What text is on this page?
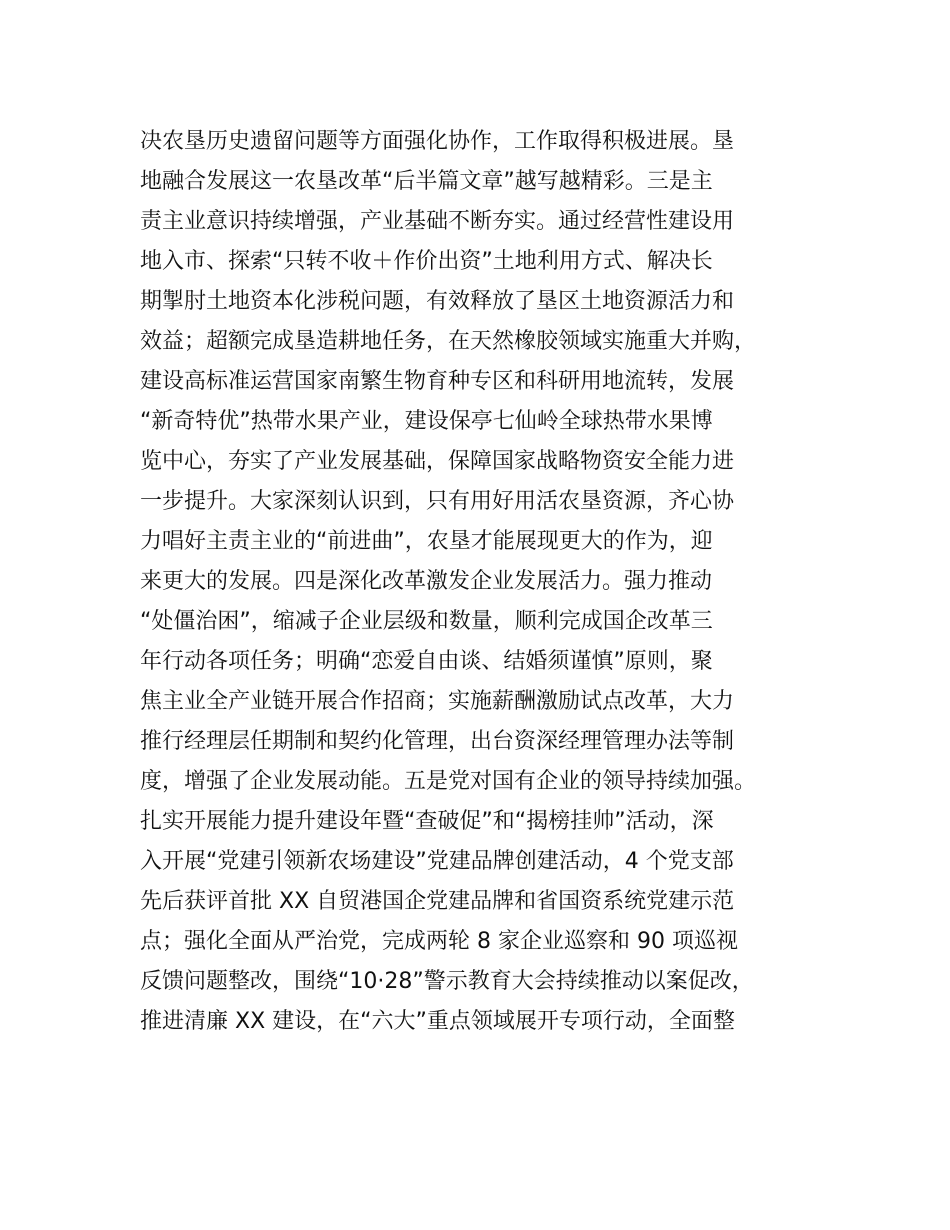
决农垦历史遗留问题等方面强化协作，工作取得积极进展。垦
地融合发展这一农垦改革“后半篇文章”越写越精彩。三是主
责主业意识持续增强，产业基础不断夯实。通过经营性建设用
地入市、探索“只转不收＋作价出资”土地利用方式、解决长
期掣肘土地资本化涉税问题，有效释放了垦区土地资源活力和
效益；超额完成垦造耕地任务，在天然橡胶领域实施重大并购，
建设高标准运营国家南繁生物育种专区和科研用地流转，发展
“新奇特优”热带水果产业，建设保亭七仙岭全球热带水果博
览中心，夯实了产业发展基础，保障国家战略物资安全能力进
一步提升。大家深刻认识到，只有用好用活农垦资源，齐心协
力唱好主责主业的“前进曲”，农垦才能展现更大的作为，迎
来更大的发展。四是深化改革激发企业发展活力。强力推动
“处僵治困”，缩减子企业层级和数量，顺利完成国企改革三
年行动各项任务；明确“恋爱自由谈、结婚须谨慎”原则，聚
焦主业全产业链开展合作招商；实施薪酬激励试点改革，大力
推行经理层任期制和契约化管理，出台资深经理管理办法等制
度，增强了企业发展动能。五是党对国有企业的领导持续加强。
扎实开展能力提升建设年暨“查破促”和“揭榜挂帅”活动，深
入开展“党建引领新农场建设”党建品牌创建活动，4 个党支部
先后获评首批 XX 自贸港国企党建品牌和省国资系统党建示范
点；强化全面从严治党，完成两轮 8 家企业巡察和 90 项巡视
反馈问题整改，围绕“10·28”警示教育大会持续推动以案促改，
推进清廉 XX 建设，在“六大”重点领域展开专项行动，全面整
